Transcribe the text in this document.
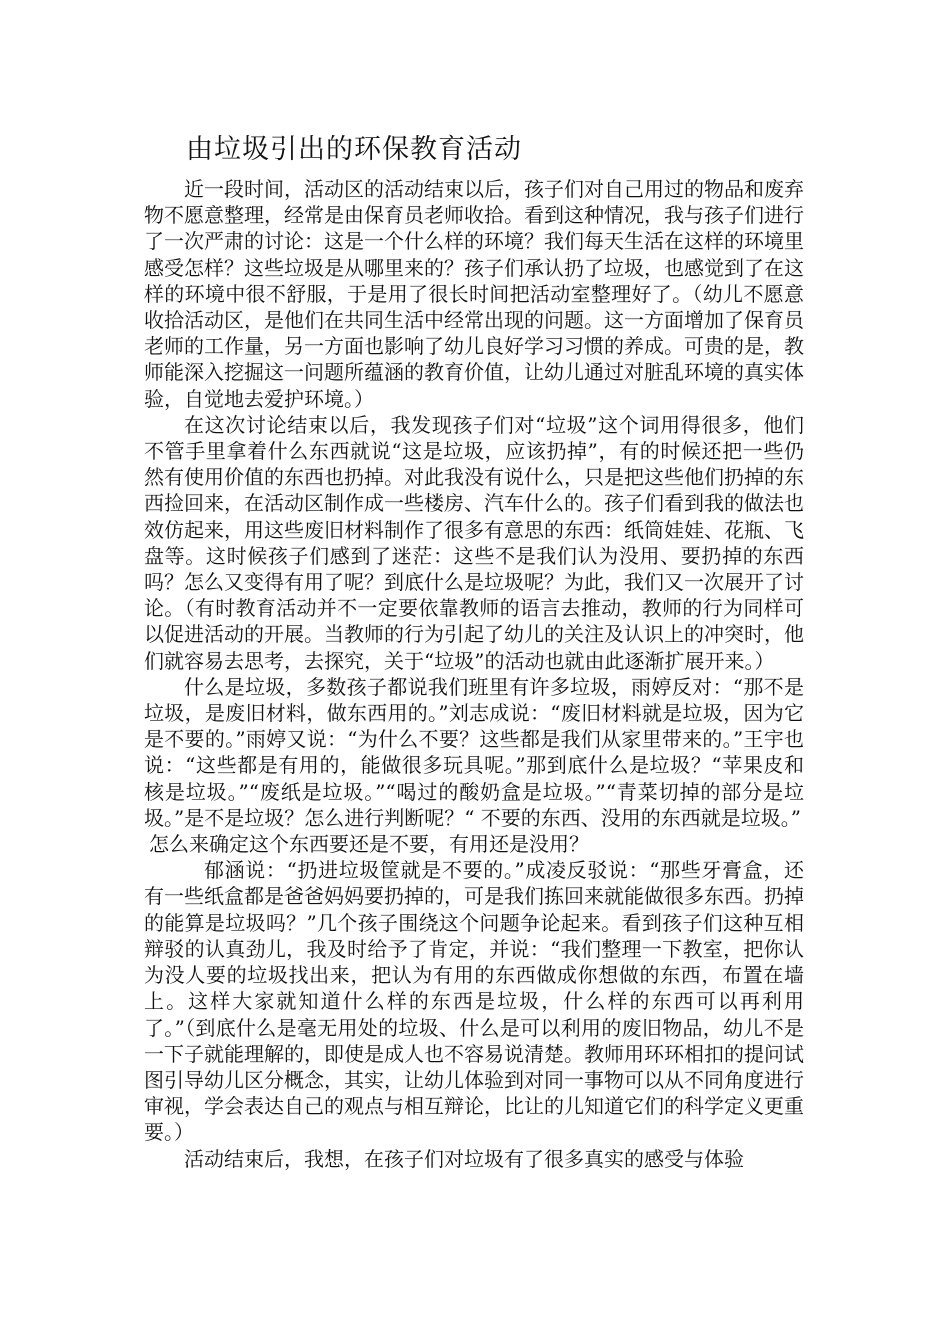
由垃圾引出的环保教育活动

近一段时间，活动区的活动结束以后，孩子们对自己用过的物品和废弃物不愿意整理，经常是由保育员老师收拾。看到这种情况，我与孩子们进行了一次严肃的讨论：这是一个什么样的环境？我们每天生活在这样的环境里感受怎样？这些垃圾是从哪里来的？孩子们承认扔了垃圾，也感觉到了在这样的环境中很不舒服，于是用了很长时间把活动室整理好了。（幼儿不愿意收拾活动区，是他们在共同生活中经常出现的问题。这一方面增加了保育员老师的工作量，另一方面也影响了幼儿良好学习习惯的养成。可贵的是，教师能深入挖掘这一问题所蕴涵的教育价值，让幼儿通过对脏乱环境的真实体验，自觉地去爱护环境。）

在这次讨论结束以后，我发现孩子们对“垃圾”这个词用得很多，他们不管手里拿着什么东西就说“这是垃圾，应该扔掉”，有的时候还把一些仍然有使用价值的东西也扔掉。对此我没有说什么，只是把这些他们扔掉的东西捡回来，在活动区制作成一些楼房、汽车什么的。孩子们看到我的做法也效仿起来，用这些废旧材料制作了很多有意思的东西：纸筒娃娃、花瓶、飞盘等。这时候孩子们感到了迷茫：这些不是我们认为没用、要扔掉的东西吗？怎么又变得有用了呢？到底什么是垃圾呢？为此，我们又一次展开了讨论。（有时教育活动并不一定要依靠教师的语言去推动，教师的行为同样可以促进活动的开展。当教师的行为引起了幼儿的关注及认识上的冲突时，他们就容易去思考，去探究，关于“垃圾”的活动也就由此逐渐扩展开来。）

什么是垃圾，多数孩子都说我们班里有许多垃圾，雨婷反对：“那不是垃圾，是废旧材料，做东西用的。”刘志成说：“废旧材料就是垃圾，因为它是不要的。”雨婷又说：“为什么不要？这些都是我们从家里带来的。”王宇也说：“这些都是有用的，能做很多玩具呢。”那到底什么是垃圾？“苹果皮和核是垃圾。”“废纸是垃圾。”“喝过的酸奶盒是垃圾。”“青菜切掉的部分是垃圾。”是不是垃圾？怎么进行判断呢？“ 不要的东西、没用的东西就是垃圾。”

怎么来确定这个东西要还是不要，有用还是没用？

郁涵说：“扔进垃圾筐就是不要的。”成凌反驳说：“那些牙膏盒，还有一些纸盒都是爸爸妈妈要扔掉的，可是我们拣回来就能做很多东西。扔掉的能算是垃圾吗？”几个孩子围绕这个问题争论起来。看到孩子们这种互相辩驳的认真劲儿，我及时给予了肯定，并说：“我们整理一下教室，把你认为没人要的垃圾找出来，把认为有用的东西做成你想做的东西，布置在墙上。这样大家就知道什么样的东西是垃圾，什么样的东西可以再利用了。”（到底什么是毫无用处的垃圾、什么是可以利用的废旧物品，幼儿不是一下子就能理解的，即使是成人也不容易说清楚。教师用环环相扣的提问试图引导幼儿区分概念，其实，让幼儿体验到对同一事物可以从不同角度进行审视，学会表达自己的观点与相互辩论，比让的儿知道它们的科学定义更重要。）

活动结束后，我想，在孩子们对垃圾有了很多真实的感受与体验
